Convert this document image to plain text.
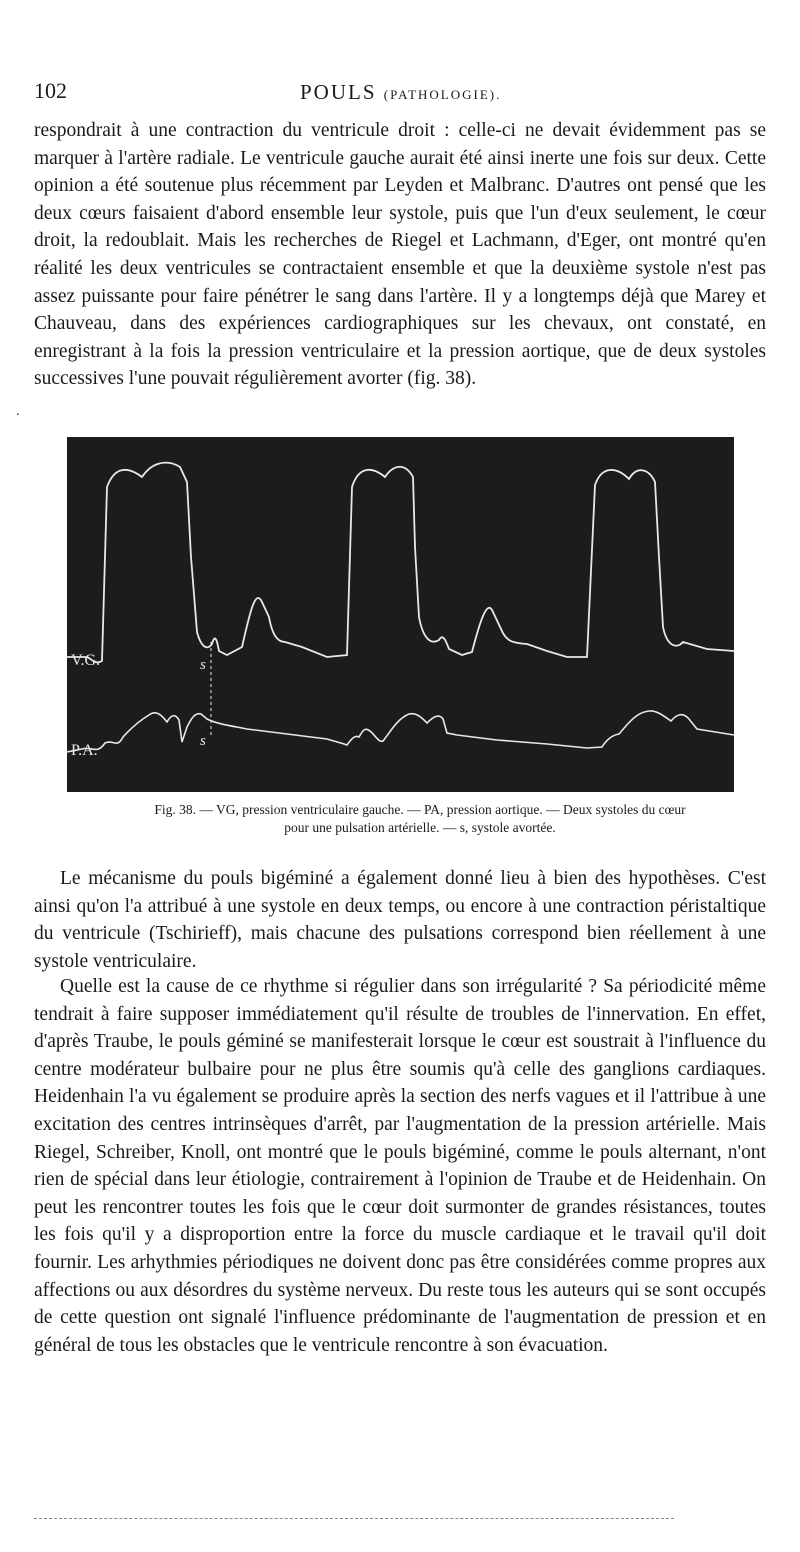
102	POULS (PATHOLOGIE).

respondrait à une contraction du ventricule droit : celle-ci ne devait évidemment pas se marquer à l'artère radiale. Le ventricule gauche aurait été ainsi inerte une fois sur deux. Cette opinion a été soutenue plus récemment par Leyden et Malbranc. D'autres ont pensé que les deux cœurs faisaient d'abord ensemble leur systole, puis que l'un d'eux seulement, le cœur droit, la redoublait. Mais les recherches de Riegel et Lachmann, d'Eger, ont montré qu'en réalité les deux ventricules se contractaient ensemble et que la deuxième systole n'est pas assez puissante pour faire pénétrer le sang dans l'artère. Il y a longtemps déjà que Marey et Chauveau, dans des expériences cardiographiques sur les chevaux, ont constaté, en enregistrant à la fois la pression ventriculaire et la pression aortique, que de deux systoles successives l'une pouvait régulièrement avorter (fig. 38).

.
V.G.
P.A.
s
s
Fig. 38. — VG, pression ventriculaire gauche. — PA, pression aortique. — Deux systoles du cœur
pour une pulsation artérielle. — s, systole avortée.

Le mécanisme du pouls bigéminé a également donné lieu à bien des hypothèses. C'est ainsi qu'on l'a attribué à une systole en deux temps, ou encore à une contraction péristaltique du ventricule (Tschirieff), mais chacune des pulsations correspond bien réellement à une systole ventriculaire.

Quelle est la cause de ce rhythme si régulier dans son irrégularité ? Sa périodicité même tendrait à faire supposer immédiatement qu'il résulte de troubles de l'innervation. En effet, d'après Traube, le pouls géminé se manifesterait lorsque le cœur est soustrait à l'influence du centre modérateur bulbaire pour ne plus être soumis qu'à celle des ganglions cardiaques. Heidenhain l'a vu également se produire après la section des nerfs vagues et il l'attribue à une excitation des centres intrinsèques d'arrêt, par l'augmentation de la pression artérielle. Mais Riegel, Schreiber, Knoll, ont montré que le pouls bigéminé, comme le pouls alternant, n'ont rien de spécial dans leur étiologie, contrairement à l'opinion de Traube et de Heidenhain. On peut les rencontrer toutes les fois que le cœur doit surmonter de grandes résistances, toutes les fois qu'il y a disproportion entre la force du muscle cardiaque et le travail qu'il doit fournir. Les arhythmies périodiques ne doivent donc pas être considérées comme propres aux affections ou aux désordres du système nerveux. Du reste tous les auteurs qui se sont occupés de cette question ont signalé l'influence prédominante de l'augmentation de pression et en général de tous les obstacles que le ventricule rencontre à son évacuation.
